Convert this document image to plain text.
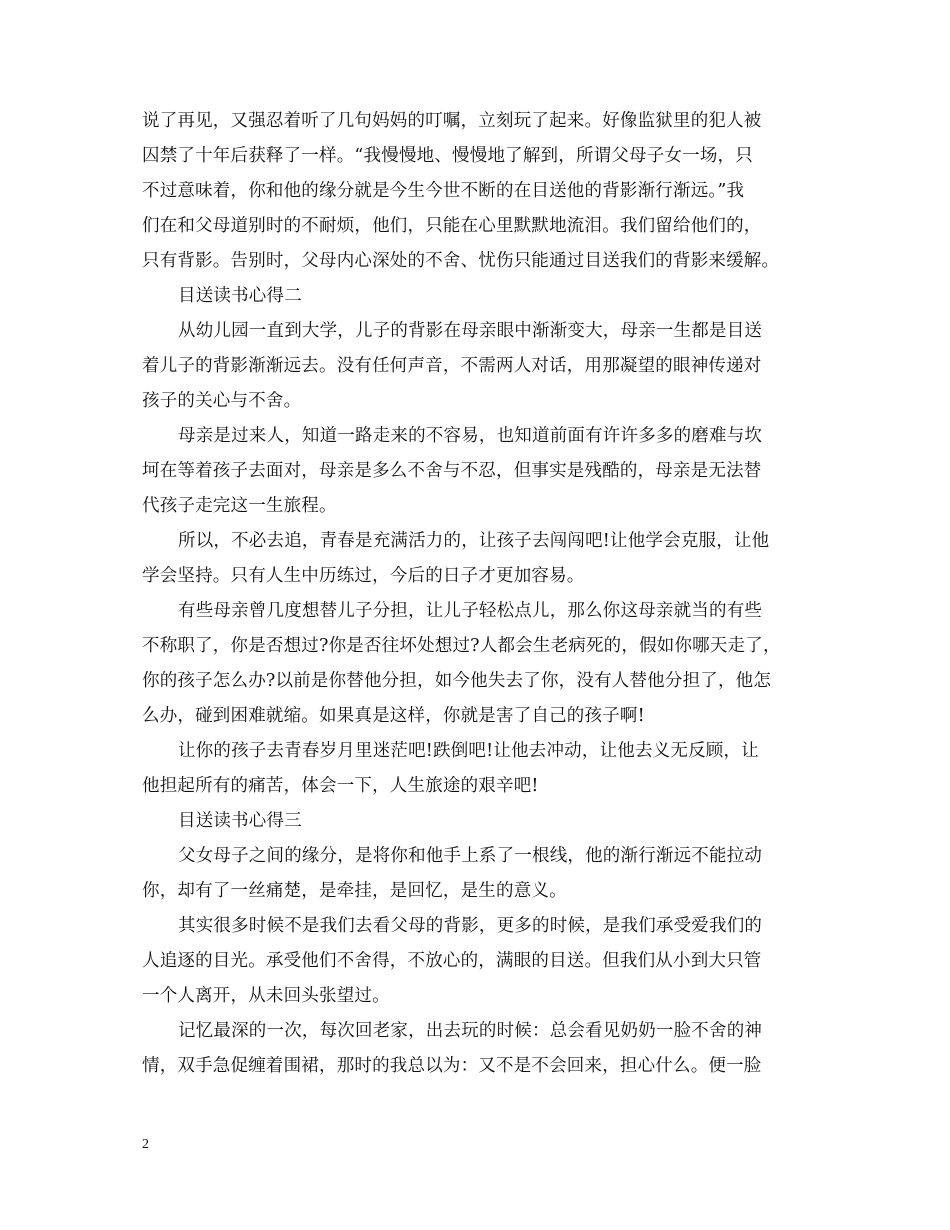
说了再见，又强忍着听了几句妈妈的叮嘱，立刻玩了起来。好像监狱里的犯人被
囚禁了十年后获释了一样。“我慢慢地、慢慢地了解到，所谓父母子女一场，只
不过意味着，你和他的缘分就是今生今世不断的在目送他的背影渐行渐远。”我
们在和父母道别时的不耐烦，他们，只能在心里默默地流泪。我们留给他们的，
只有背影。告别时，父母内心深处的不舍、忧伤只能通过目送我们的背影来缓解。
目送读书心得二
从幼儿园一直到大学，儿子的背影在母亲眼中渐渐变大，母亲一生都是目送
着儿子的背影渐渐远去。没有任何声音，不需两人对话，用那凝望的眼神传递对
孩子的关心与不舍。
母亲是过来人，知道一路走来的不容易，也知道前面有许许多多的磨难与坎
坷在等着孩子去面对，母亲是多么不舍与不忍，但事实是残酷的，母亲是无法替
代孩子走完这一生旅程。
所以，不必去追，青春是充满活力的，让孩子去闯闯吧!让他学会克服，让他
学会坚持。只有人生中历练过，今后的日子才更加容易。
有些母亲曾几度想替儿子分担，让儿子轻松点儿，那么你这母亲就当的有些
不称职了，你是否想过?你是否往坏处想过?人都会生老病死的，假如你哪天走了，
你的孩子怎么办?以前是你替他分担，如今他失去了你，没有人替他分担了，他怎
么办，碰到困难就缩。如果真是这样，你就是害了自己的孩子啊!
让你的孩子去青春岁月里迷茫吧!跌倒吧!让他去冲动，让他去义无反顾，让
他担起所有的痛苦，体会一下，人生旅途的艰辛吧!
目送读书心得三
父女母子之间的缘分，是将你和他手上系了一根线，他的渐行渐远不能拉动
你，却有了一丝痛楚，是牵挂，是回忆，是生的意义。
其实很多时候不是我们去看父母的背影，更多的时候，是我们承受爱我们的
人追逐的目光。承受他们不舍得，不放心的，满眼的目送。但我们从小到大只管
一个人离开，从未回头张望过。
记忆最深的一次，每次回老家，出去玩的时候：总会看见奶奶一脸不舍的神
情，双手急促缠着围裙，那时的我总以为：又不是不会回来，担心什么。便一脸
2
